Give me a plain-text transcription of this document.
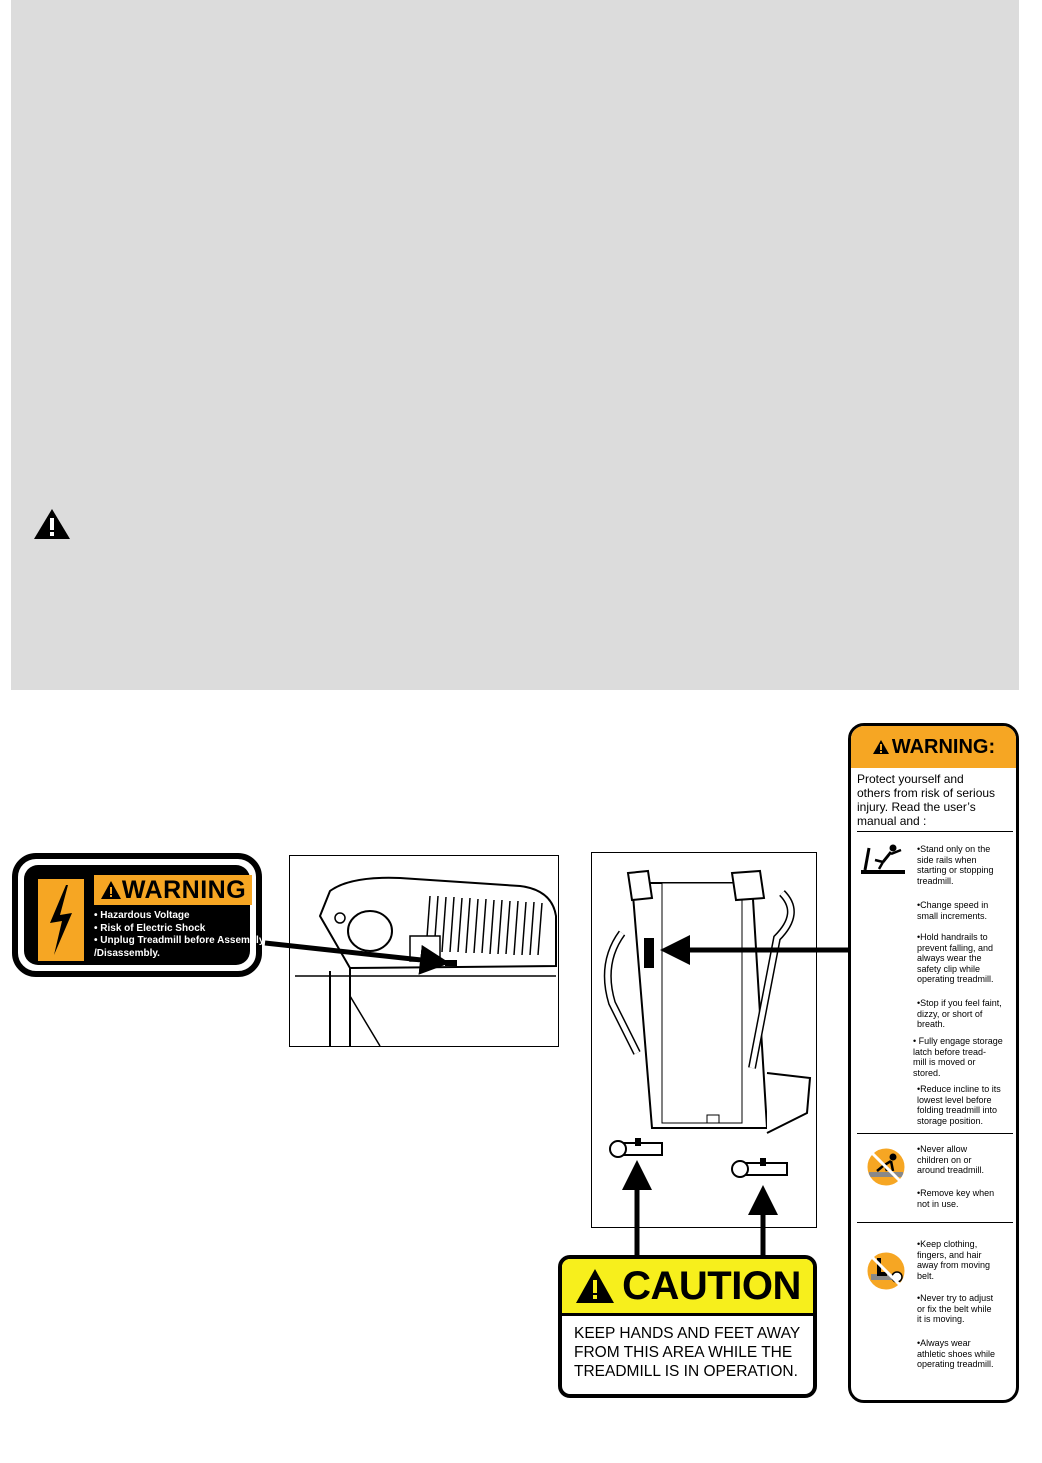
WARNING
• Hazardous Voltage
• Risk of Electric Shock
• Unplug Treadmill before Assembly
/Disassembly.
CAUTION
KEEP HANDS AND FEET AWAY
FROM THIS AREA WHILE THE
TREADMILL IS IN OPERATION.
WARNING:
Protect yourself and
others from risk of serious
injury. Read the user’s
manual and :
•Stand only on the
side rails when
starting or stopping
treadmill.
•Change speed in
small increments.
•Hold handrails to
prevent falling, and
always wear the
safety clip while
operating treadmill.
•Stop if you feel faint,
dizzy, or short of
breath.
• Fully engage storage
latch before tread-
mill is moved or
stored.
•Reduce incline to its
lowest level before
folding treadmill into
storage position.
•Never allow
children on or
around treadmill.
•Remove key when
not in use.
•Keep clothing,
fingers, and hair
away from moving
belt.
•Never try to adjust
or fix the belt while
it is moving.
•Always wear
athletic shoes while
operating treadmill.
